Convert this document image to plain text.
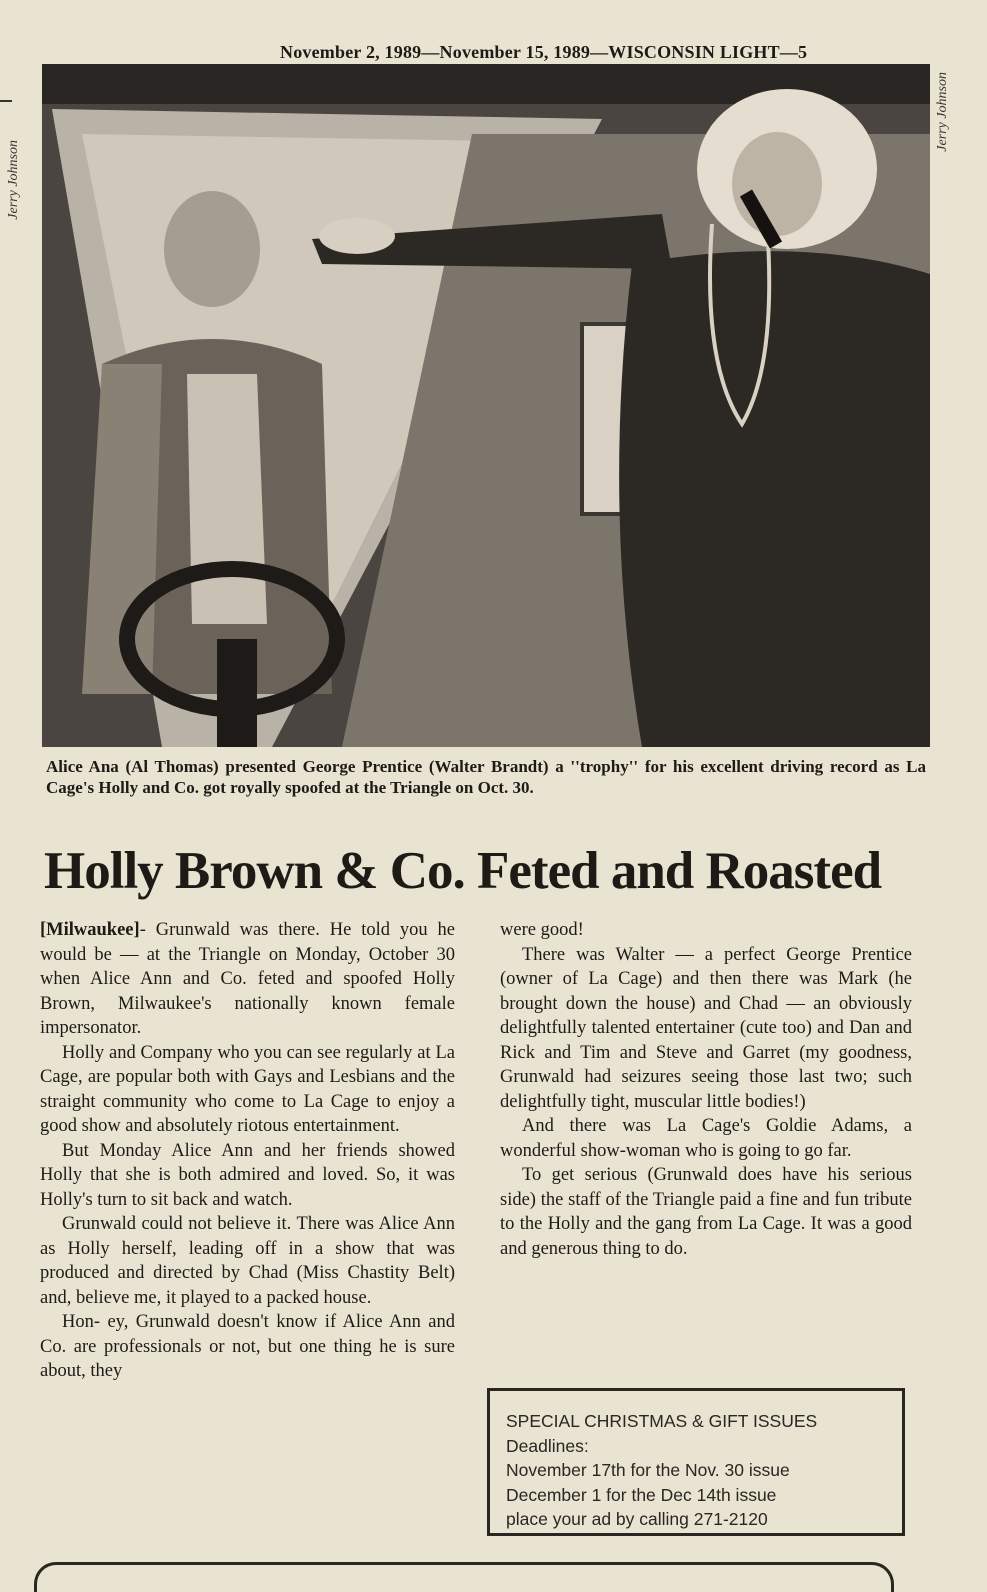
Jerry Johnson
November 2, 1989—November 15, 1989—WISCONSIN LIGHT—5
Jerry Johnson
Alice Ana (Al Thomas) presented George Prentice (Walter Brandt) a ''trophy'' for his excellent driving record as La Cage's Holly and Co. got royally spoofed at the Triangle on Oct. 30.
Holly Brown & Co. Feted and Roasted

[Milwaukee]- Grunwald was there. He told you he would be — at the Triangle on Monday, October 30 when Alice Ann and Co. feted and spoofed Holly Brown, Milwaukee's nationally known female impersonator.

Holly and Company who you can see regularly at La Cage, are popular both with Gays and Lesbians and the straight community who come to La Cage to enjoy a good show and absolutely riotous entertainment.

But Monday Alice Ann and her friends showed Holly that she is both admired and loved. So, it was Holly's turn to sit back and watch.

Grunwald could not believe it. There was Alice Ann as Holly herself, leading off in a show that was produced and directed by Chad (Miss Chastity Belt) and, believe me, it played to a packed house.

Hon- ey, Grunwald doesn't know if Alice Ann and Co. are professionals or not, but one thing he is sure about, they

were good!

There was Walter — a perfect George Prentice (owner of La Cage) and then there was Mark (he brought down the house) and Chad — an obviously delightfully talented entertainer (cute too) and Dan and Rick and Tim and Steve and Garret (my goodness, Grunwald had seizures seeing those last two; such delightfully tight, muscular little bodies!)

And there was La Cage's Goldie Adams, a wonderful show-woman who is going to go far.

To get serious (Grunwald does have his serious side) the staff of the Triangle paid a fine and fun tribute to the Holly and the gang from La Cage. It was a good and generous thing to do.

SPECIAL CHRISTMAS & GIFT ISSUES
Deadlines:
November 17th for the Nov. 30 issue
December 1 for the Dec 14th issue
place your ad by calling 271-2120
